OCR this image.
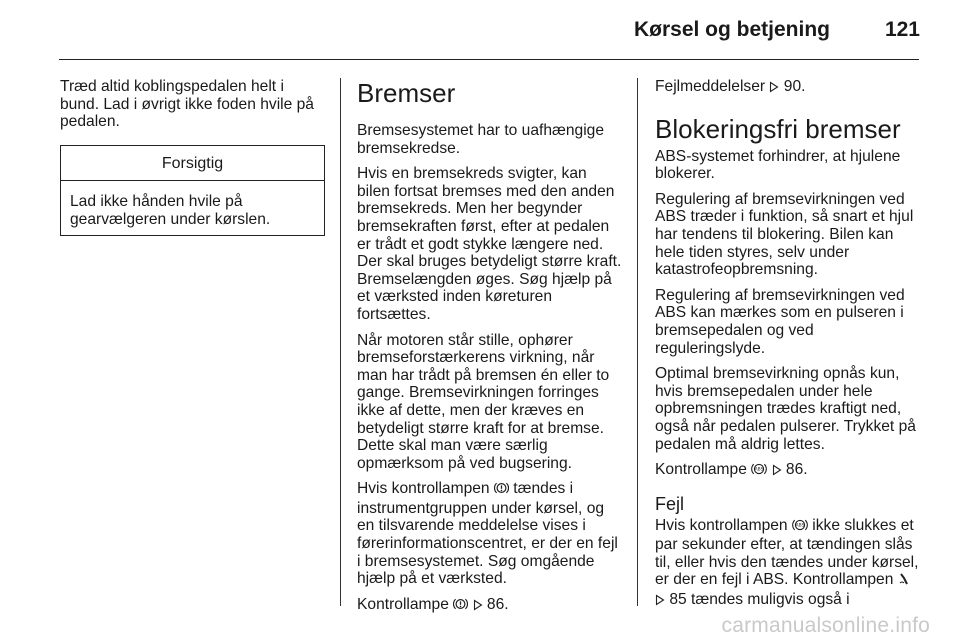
Kørsel og betjening	121

Træd altid koblingspedalen helt i bund. Lad i øvrigt ikke foden hvile på pedalen.

Forsigtig
Lad ikke hånden hvile på gearvælgeren under kørslen.
Bremser

Bremsesystemet har to uafhængige bremsekredse.

Hvis en bremsekreds svigter, kan bilen fortsat bremses med den anden bremsekreds. Men her begynder bremsekraften først, efter at pedalen er trådt et godt stykke længere ned. Der skal bruges betydeligt større kraft. Bremselængden øges. Søg hjælp på et værksted inden køreturen fortsættes.

Når motoren står stille, ophører bremseforstærkerens virkning, når man har trådt på bremsen én eller to gange. Bremsevirkningen forringes ikke af dette, men der kræves en betydeligt større kraft for at bremse. Dette skal man være særlig opmærksom på ved bugsering.

Hvis kontrollampen tændes i instrumentgruppen under kørsel, og en tilsvarende meddelelse vises i førerinformationscentret, er der en fejl i bremsesystemet. Søg omgående hjælp på et værksted.

Kontrollampe 86.

Fejlmeddelelser 90.

Blokeringsfri bremser

ABS-systemet forhindrer, at hjulene blokerer.

Regulering af bremsevirkningen ved ABS træder i funktion, så snart et hjul har tendens til blokering. Bilen kan hele tiden styres, selv under katastrofeopbremsning.

Regulering af bremsevirkningen ved ABS kan mærkes som en pulseren i bremsepedalen og ved reguleringslyde.

Optimal bremsevirkning opnås kun, hvis bremsepedalen under hele opbremsningen trædes kraftigt ned, også når pedalen pulserer. Trykket på pedalen må aldrig lettes.

Kontrollampe ABS 86.

Fejl

Hvis kontrollampen ABS ikke slukkes et par sekunder efter, at tændingen slås til, eller hvis den tændes under kørsel, er der en fejl i ABS. Kontrollampen
85 tændes muligvis også i

carmanualsonline.info
